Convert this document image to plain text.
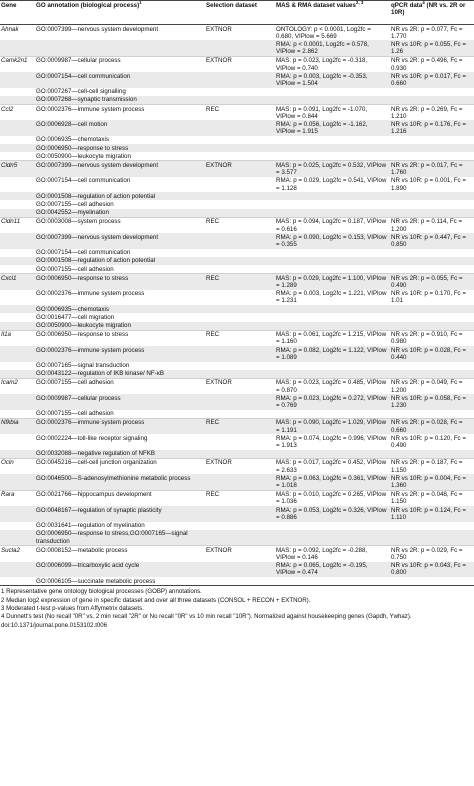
Gene	GO annotation (biological process)$^1$	Selection dataset	MAS & RMA dataset values$^{2, 3}$	qPCR data$^4$ (NR vs. 2R or 10R)
Ahnak	GO:0007399—nervous system development	EXTNOR	ONTOLOGY: p < 0.0001, Log2fc = 0.680, VIPlow = 5.669	NR vs 2R: p = 0.077, Fc = 1.770
			RMA: p < 0.0001, Log2fc = 0.578, VIPlow = 2.862	NR vs 10R: p = 0.055, Fc = 1.26
Camk2n1	GO:0009987—cellular process	EXTNOR	MAS: p = 0.023, Log2fc = -0.318, VIPlow = 0.740	NR vs 2R: p = 0.496, Fc = 0.930
	GO:0007154—cell communication		RMA: p = 0.003, Log2fc = -0.353, VIPlow = 1.504	NR vs 10R: p = 0.017, Fc = 0.660
	GO:0007267—cell-cell signalling			
	GO:0007268—synaptic transmission			
Ccl2	GO:0002376—immune system process	REC	MAS: p = 0.091, Log2fc = -1.070, VIPlow = 0.844	NR vs 2R: p = 0.269, Fc = 1.210
	GO:0006928—cell motion		RMA: p = 0.056, Log2fc = -1.162, VIPlow = 1.915	NR vs 10R: p = 0.176, Fc = 1.216
	GO:0006935—chemotaxis			
	GO:0006950—response to stress			
	GO:0050900—leukocyte migration			
Cldn5	GO:0007399—nervous system development	EXTNOR	MAS: p = 0.025, Log2fc = 0.532, VIPlow = 3.577	NR vs 2R: p = 0.017, Fc = 1.760
	GO:0007154—cell communication		RMA: p = 0.029, Log2fc = 0.541, VIPlow = 1.128	NR vs 10R: p = 0.001, Fc = 1.890
	GO:0001508—regulation of action potential			
	GO:0007155—cell adhesion			
	GO:0042552—myelination			
Cldn11	GO:0003008—system process	REC	MAS: p = 0.094, Log2fc = 0.187, VIPlow = 0.616	NR vs 2R: p = 0.114, Fc = 1.200
	GO:0007399—nervous system development		RMA: p = 0.090, Log2fc = 0.153, VIPlow = 0.355	NR vs 10R: p = 0.447, Fc = 0.850
	GO:0007154—cell communication			
	GO:0001508—regulation of action potential			
	GO:0007155—cell adhesion			
Cxcl1	GO:0006950—response to stress	REC	MAS: p = 0.029, Log2fc = 1.100, VIPlow = 1.289	NR vs 2R: p = 0.055, Fc = 0.490
	GO:0002376—immune system process		RMA: p = 0.003, Log2fc = 1.221, VIPlow = 1.231	NR vs 10R: p = 0.170, Fc = 1.01
	GO:0006935—chemotaxis			
	GO:0016477—cell migration			
	GO:0050900—leukocyte migration			
Il1a	GO:0006950—response to stress	REC	MAS: p = 0.061, Log2fc = 1.215, VIPlow = 1.160	NR vs 2R: p = 0.910, Fc = 0.980
	GO:0002376—immune system process		RMA: p = 0.082, Log2fc = 1.122, VIPlow = 1.089	NR vs 10R: p = 0.028, Fc = 0.440
	GO:0007165—signal transduction			
	GO:0043122—regulation of IKB kinase/ NF-κB			
Icam2	GO:0007155—cell adhesion	EXTNOR	MAS: p = 0.023, Log2fc = 0.485, VIPlow = 0.870	NR vs 2R: p = 0.049, Fc = 1.200
	GO:0009987—cellular process		RMA: p = 0.023, Log2fc = 0.272, VIPlow = 0.769	NR vs 10R: p = 0.058, Fc = 1.230
	GO:0007155—cell adhesion			
Nfkbia	GO:0002376—immune system process	REC	MAS: p = 0.090, Log2fc = 1.029, VIPlow = 1.191	NR vs 2R: p = 0.028, Fc = 0.660
	GO:0002224—toll-like receptor signaling		RMA: p = 0.074, Log2fc = 0.996, VIPlow = 1.913	NR vs 10R: p = 0.120, Fc = 0.490
	GO:0032088—negative regulation of NFKB			
Ocln	GO:0045216—cell-cell junction organization	EXTNOR	MAS: p = 0.017, Log2fc = 0.452, VIPlow = 2.633	NR vs 2R: p = 0.187, Fc = 1.150
	GO:0046500—S-adenosylmethionine metabolic process		RMA: p = 0.063, Log2fc = 0.361, VIPlow = 1.018	NR vs 10R: p = 0.004, Fc = 1.360
Rara	GO:0021766—hippocampus development	REC	MAS: p = 0.010, Log2fc = 0.265, VIPlow = 1.036	NR vs 2R: p = 0.048, Fc = 1.150
	GO:0048167—regulation of synaptic plasticity		RMA: p = 0.053, Log2fc = 0.326, VIPlow = 0.886	NR vs 10R: p = 0.124, Fc = 1.110
	GO:0031641—regulation of myelination			
	GO:0006950—response to stress,GO:0007165—signal transduction			
Sucla2	GO:0008152—metabolic process	EXTNOR	MAS: p = 0.092, Log2fc = -0.288, VIPlow = 0.146	NR vs 2R: p = 0.029, Fc = 0.750
	GO:0006099—tricarboxylic acid cycle		RMA: p = 0.065, Log2fc = -0.195, VIPlow = 0.474	NR vs 10R: p = 0.043, Fc = 0.800
	GO:0006105—succinate metabolic process			
1 Representative gene ontology biological processes (GOBP) annotations.
2 Median log2 expression of gene in specific dataset and over all three datasets (CONSOL + RECON + EXTNOR).
3 Moderated t-test p-values from Affymetrix datasets.
4 Dunnett's test (No recall "0R" vs. 2 min recall "2R" or No recall "0R" vs 10 min recall "10R"). Normalized against housekeeping genes (Gapdh, Ywhaz).
doi:10.1371/journal.pone.0153102.t006
